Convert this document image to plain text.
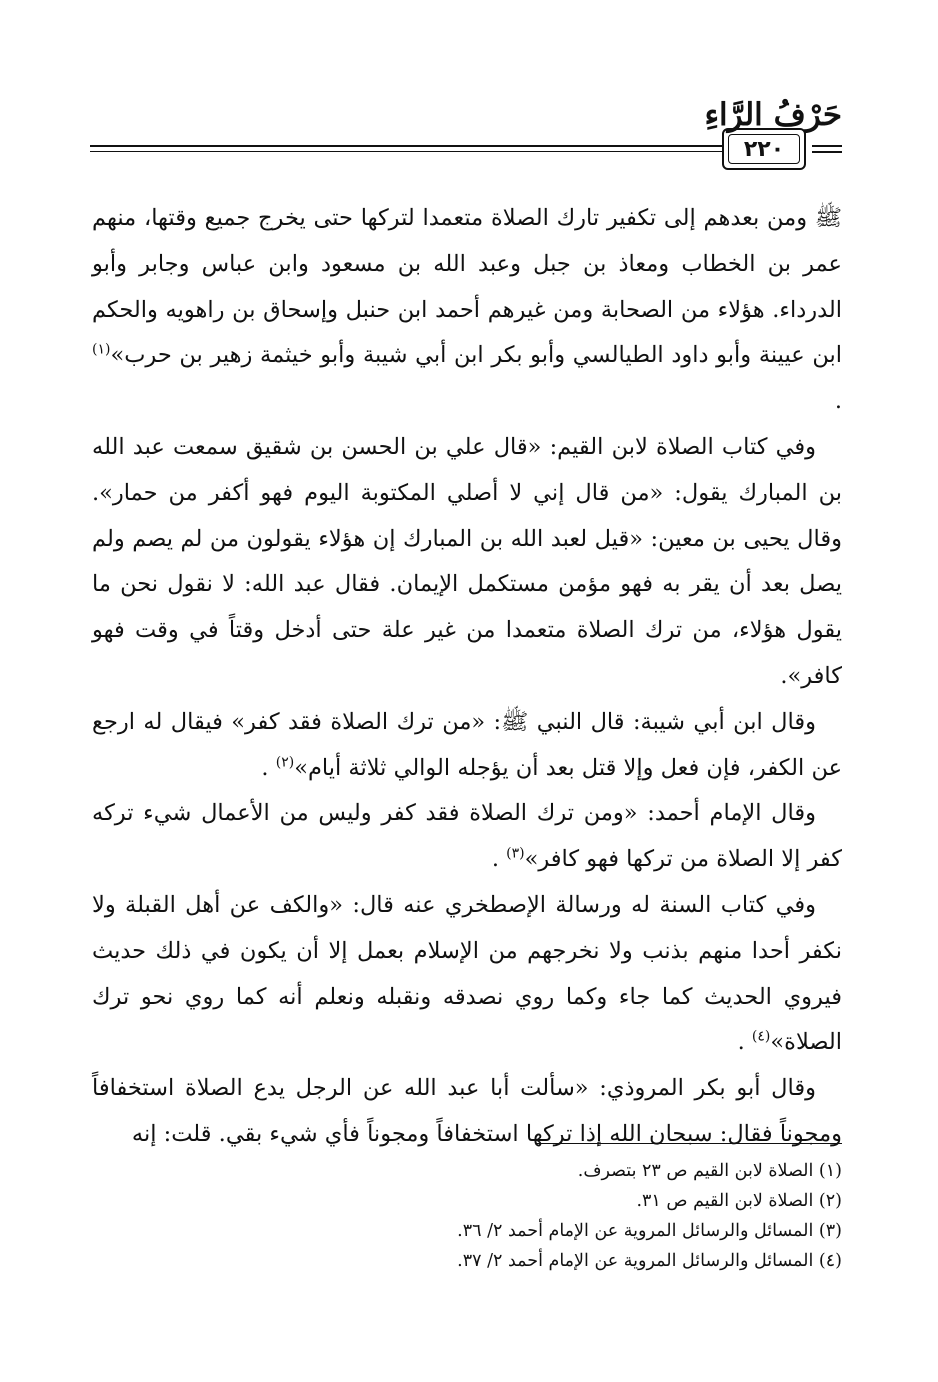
حَرْفُ الرَّاءِ
٢٢٠

ﷺ ومن بعدهم إلى تكفير تارك الصلاة متعمدا لتركها حتى يخرج جميع وقتها، منهم عمر بن الخطاب ومعاذ بن جبل وعبد الله بن مسعود وابن عباس وجابر وأبو الدرداء. هؤلاء من الصحابة ومن غيرهم أحمد ابن حنبل وإسحاق بن راهويه والحكم ابن عيينة وأبو داود الطيالسي وأبو بكر ابن أبي شيبة وأبو خيثمة زهير بن حرب»$^{(١)}$ .

وفي كتاب الصلاة لابن القيم: «قال علي بن الحسن بن شقيق سمعت عبد الله بن المبارك يقول: «من قال إني لا أصلي المكتوبة اليوم فهو أكفر من حمار». وقال يحيى بن معين: «قيل لعبد الله بن المبارك إن هؤلاء يقولون من لم يصم ولم يصل بعد أن يقر به فهو مؤمن مستكمل الإيمان. فقال عبد الله: لا نقول نحن ما يقول هؤلاء، من ترك الصلاة متعمدا من غير علة حتى أدخل وقتاً في وقت فهو كافر».

وقال ابن أبي شيبة: قال النبي ﷺ: «من ترك الصلاة فقد كفر» فيقال له ارجع عن الكفر، فإن فعل وإلا قتل بعد أن يؤجله الوالي ثلاثة أيام»$^{(٢)}$ .

وقال الإمام أحمد: «ومن ترك الصلاة فقد كفر وليس من الأعمال شيء تركه كفر إلا الصلاة من تركها فهو كافر»$^{(٣)}$ .

وفي كتاب السنة له ورسالة الإصطخري عنه قال: «والكف عن أهل القبلة ولا نكفر أحدا منهم بذنب ولا نخرجهم من الإسلام بعمل إلا أن يكون في ذلك حديث فيروي الحديث كما جاء وكما روي نصدقه ونقبله ونعلم أنه كما روي نحو ترك الصلاة»$^{(٤)}$ .

وقال أبو بكر المروذي: «سألت أبا عبد الله عن الرجل يدع الصلاة استخفافاً ومجوناً فقال: سبحان الله إذا تركها استخفافاً ومجوناً فأي شيء بقي. قلت: إنه

(١) الصلاة لابن القيم ص ٢٣ بتصرف.
(٢) الصلاة لابن القيم ص ٣١.
(٣) المسائل والرسائل المروية عن الإمام أحمد ٢/ ٣٦.
(٤) المسائل والرسائل المروية عن الإمام أحمد ٢/ ٣٧.
